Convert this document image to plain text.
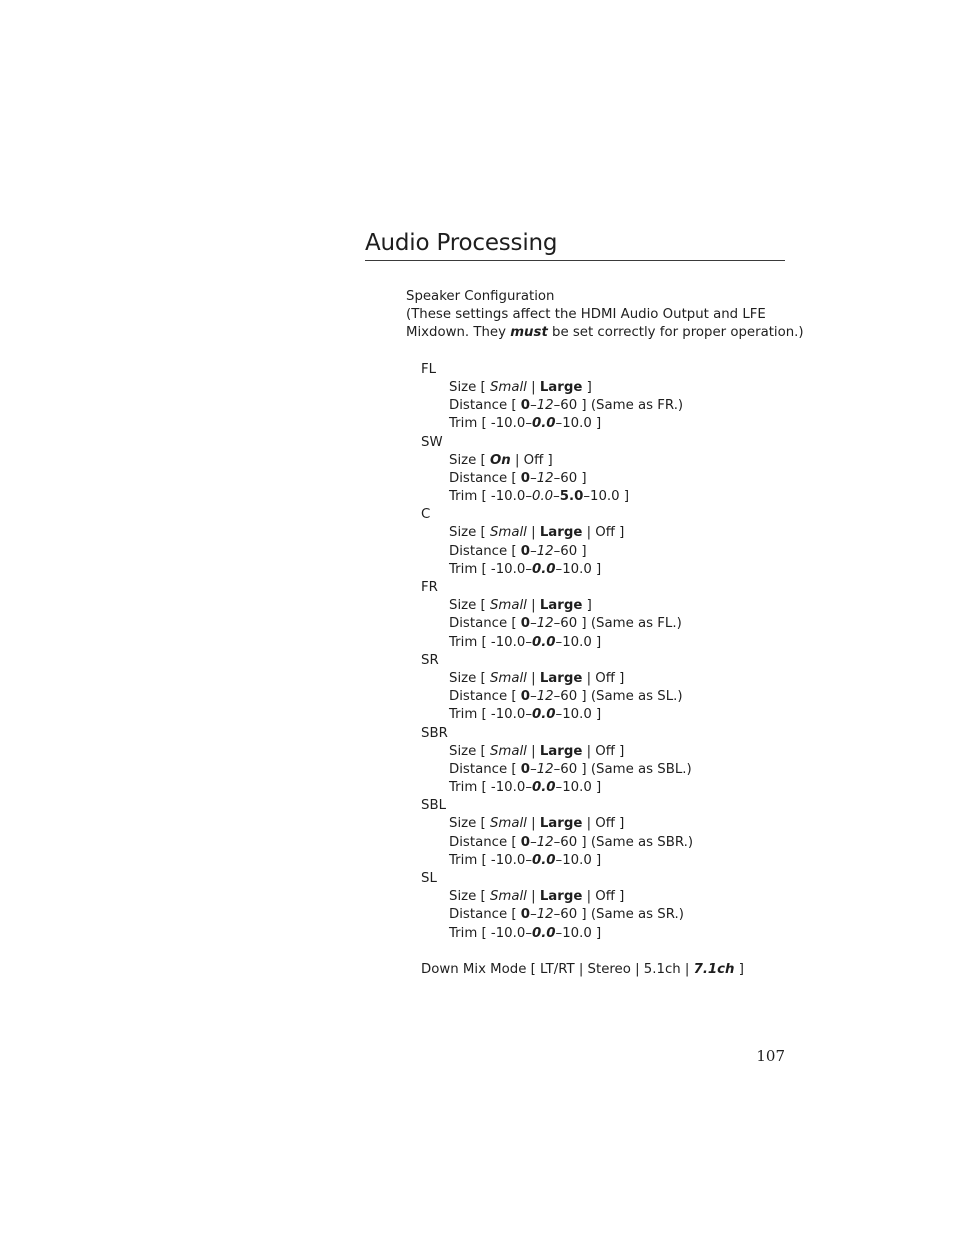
Audio Processing
Speaker Configuration
(These settings affect the HDMI Audio Output and LFE
Mixdown. They must be set correctly for proper operation.)
FL
Size [ Small | Large ]
Distance [ 0–12–60 ] (Same as FR.)
Trim [ -10.0–0.0–10.0 ]
SW
Size [ On | Off ]
Distance [ 0–12–60 ]
Trim [ -10.0–0.0–5.0–10.0 ]
C
Size [ Small | Large | Off ]
Distance [ 0–12–60 ]
Trim [ -10.0–0.0–10.0 ]
FR
Size [ Small | Large ]
Distance [ 0–12–60 ] (Same as FL.)
Trim [ -10.0–0.0–10.0 ]
SR
Size [ Small | Large | Off ]
Distance [ 0–12–60 ] (Same as SL.)
Trim [ -10.0–0.0–10.0 ]
SBR
Size [ Small | Large | Off ]
Distance [ 0–12–60 ] (Same as SBL.)
Trim [ -10.0–0.0–10.0 ]
SBL
Size [ Small | Large | Off ]
Distance [ 0–12–60 ] (Same as SBR.)
Trim [ -10.0–0.0–10.0 ]
SL
Size [ Small | Large | Off ]
Distance [ 0–12–60 ] (Same as SR.)
Trim [ -10.0–0.0–10.0 ]
Down Mix Mode [ LT/RT | Stereo | 5.1ch | 7.1ch ]
107
